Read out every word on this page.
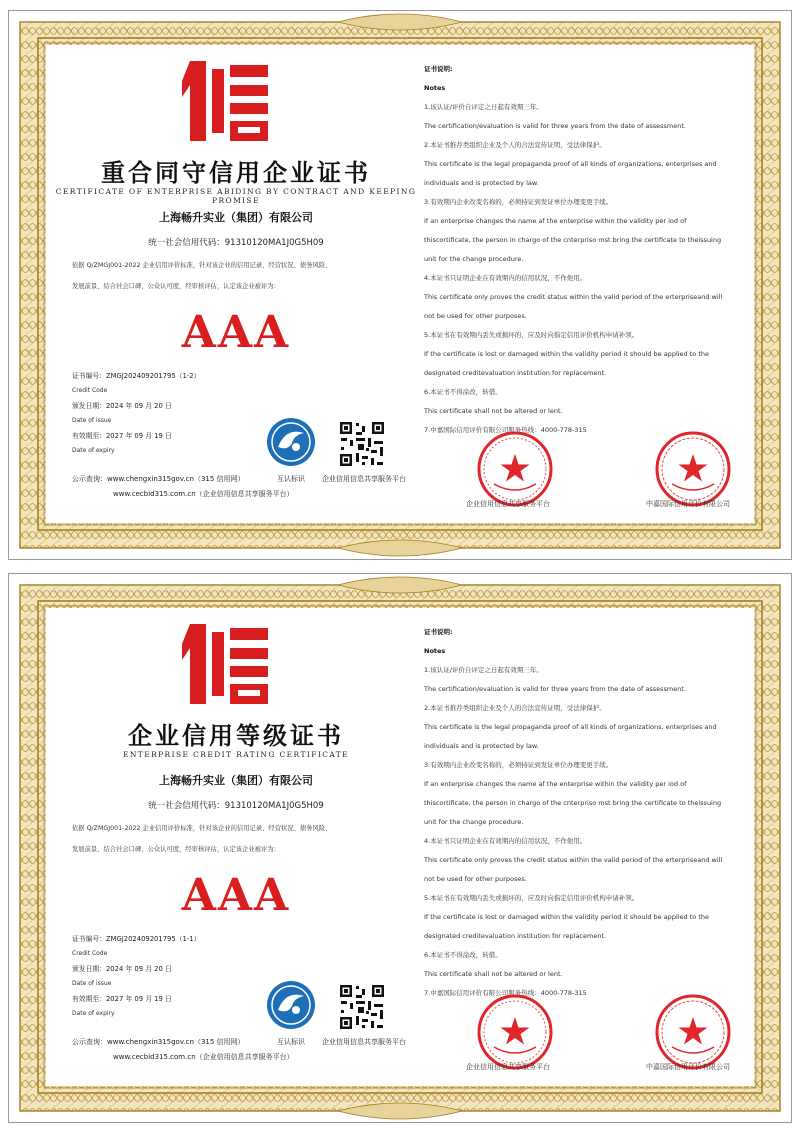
重合同守信用企业证书
CERTIFICATE OF ENTERPRISE ABIDING BY CONTRACT AND KEEPING PROMISE
上海畅升实业（集团）有限公司
统一社会信用代码：91310120MA1J0G5H09
依据 Q/ZMGJ001-2022 企业信用评价标准，针对该企业的信用记录、经营状况、债务风险、
发展前景、结合社会口碑、公众认可度，经审核评估，认定该企业被评为：
AAA
证书编号：ZMGJ202409201795（1-2）
Credit Code
颁发日期：2024 年 09 月 20 日
Date of issue
有效期至：2027 年 09 月 19 日
Date of expiry
互认标识 企业信用信息共享服务平台
公示查询：www.chengxin315gov.cn（315 信用网）
www.cecbid315.com.cn（企业信用信息共享服务平台）

证书说明:

Notes

1.该认证/评价自评定之日起有效期三年。

The certification/evaluation is valid for three years from the date of assessment.

2.本证书推荐类组织企业及个人的合法宣传证明，受法律保护。

This certificate is the legal propaganda proof of all kinds of organizations, enterprises and

individuals and is protected by law.

3.有效期内企业改变名称的，必须持证到发证单位办理变更手续。

If an enterprise changes the name af the enterprise within the validity per iod of

thiscortificate, the person in chargo of the cnterpriso mst bring the certificate to theissuing

unit for the change procedure.

4.本证书只证明企业在有效期内的信用状况，不作他用。

This certificate only proves the credit status within the valid period of the erterpriseand will

not be used for other purposes.

5.本证书在有效期内丢失或损坏的，应及时向指定信用评价机构申请补领。

If the certificate is lost or damaged within the validity period it should be applied to the

designated creditevaluation institution for replacement.

6.本证书不得涂改，转借。

This certificate shall not be altered or lent.

7.中嘉国际信用评价有限公司服务热线：4000-778-315

企业信用信息共享服务平台	中嘉国际信用评价有限公司
企业信用等级证书
ENTERPRISE CREDIT RATING CERTIFICATE
上海畅升实业（集团）有限公司
统一社会信用代码：91310120MA1J0G5H09
依据 Q/ZMGJ001-2022 企业信用评价标准，针对该企业的信用记录、经营状况、债务风险、
发展前景、结合社会口碑、公众认可度，经审核评估，认定该企业被评为：
AAA
证书编号：ZMGJ202409201795（1-1）
Credit Code
颁发日期：2024 年 09 月 20 日
Date of issue
有效期至：2027 年 09 月 19 日
Date of expiry
互认标识 企业信用信息共享服务平台
公示查询：www.chengxin315gov.cn（315 信用网）
www.cecbid315.com.cn（企业信用信息共享服务平台）

证书说明:

Notes

1.该认证/评价自评定之日起有效期三年。

The certification/evaluation is valid for three years from the date of assessment.

2.本证书推荐类组织企业及个人的合法宣传证明，受法律保护。

This certificate is the legal propaganda proof of all kinds of organizations, enterprises and

individuals and is protected by law.

3.有效期内企业改变名称的，必须持证到发证单位办理变更手续。

If an enterprise changes the name af the enterprise within the validity per iod of

thiscortificate, the person in chargo of the cnterpriso mst bring the certificate to theissuing

unit for the change procedure.

4.本证书只证明企业在有效期内的信用状况，不作他用。

This certificate only proves the credit status within the valid period of the erterpriseand will

not be used for other purposes.

5.本证书在有效期内丢失或损坏的，应及时向指定信用评价机构申请补领。

If the certificate is lost or damaged within the validity period it should be applied to the

designated creditevaluation institution for replacement.

6.本证书不得涂改，转借。

This certificate shall not be altered or lent.

7.中嘉国际信用评价有限公司服务热线：4000-778-315

企业信用信息共享服务平台	中嘉国际信用评价有限公司
